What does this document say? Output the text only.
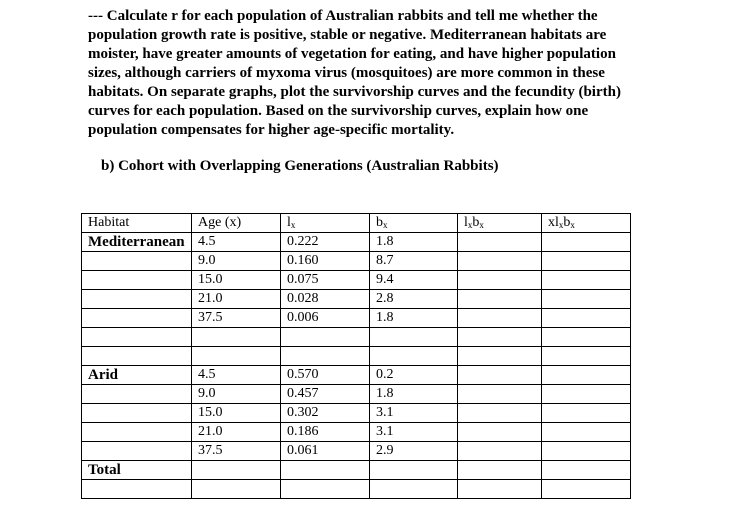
--- Calculate r for each population of Australian rabbits and tell me whether the
population growth rate is positive, stable or negative. Mediterranean habitats are
moister, have greater amounts of vegetation for eating, and have higher population
sizes, although carriers of myxoma virus (mosquitoes) are more common in these
habitats. On separate graphs, plot the survivorship curves and the fecundity (birth)
curves for each population. Based on the survivorship curves, explain how one
population compensates for higher age-specific mortality.
b) Cohort with Overlapping Generations (Australian Rabbits)
Habitat	Age (x)	$l_x$	$b_x$	$l_xb_x$	$xl_xb_x$
Mediterranean	4.5	0.222	1.8		
	9.0	0.160	8.7		
	15.0	0.075	9.4		
	21.0	0.028	2.8		
	37.5	0.006	1.8		

Arid	4.5	0.570	0.2		
	9.0	0.457	1.8		
	15.0	0.302	3.1		
	21.0	0.186	3.1		
	37.5	0.061	2.9		
Total					
